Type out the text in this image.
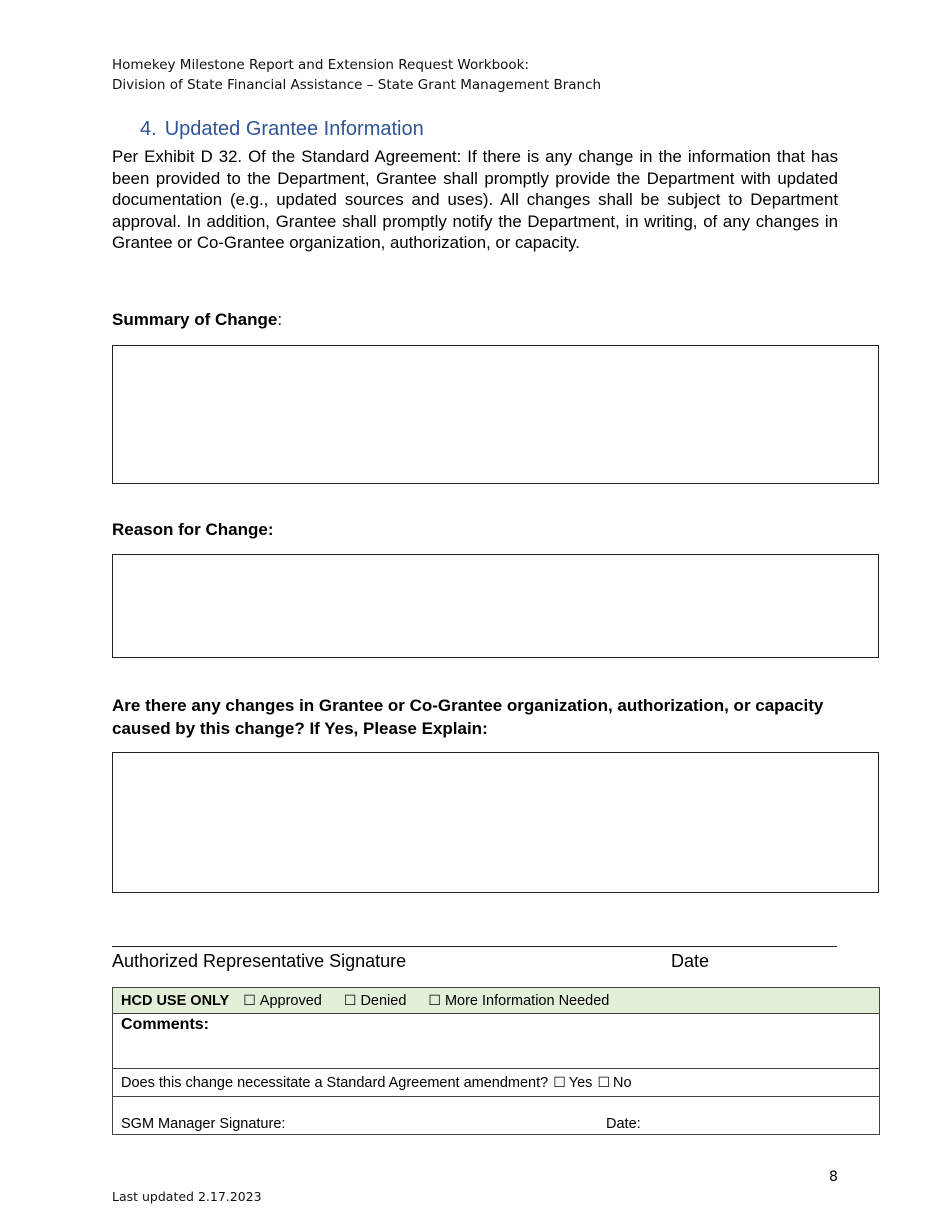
Homekey Milestone Report and Extension Request Workbook:
Division of State Financial Assistance – State Grant Management Branch
4. Updated Grantee Information
Per Exhibit D 32. Of the Standard Agreement: If there is any change in the information that has been provided to the Department, Grantee shall promptly provide the Department with updated documentation (e.g., updated sources and uses). All changes shall be subject to Department approval. In addition, Grantee shall promptly notify the Department, in writing, of any changes in Grantee or Co-Grantee organization, authorization, or capacity.
Summary of Change:
Reason for Change:
Are there any changes in Grantee or Co-Grantee organization, authorization, or capacity caused by this change? If Yes, Please Explain:
Authorized Representative Signature	Date
HCD USE ONLY ☐ Approved ☐ Denied ☐ More Information Needed
Comments:
Does this change necessitate a Standard Agreement amendment? ☐ Yes ☐ No
SGM Manager Signature:	Date:
8
Last updated 2.17.2023
